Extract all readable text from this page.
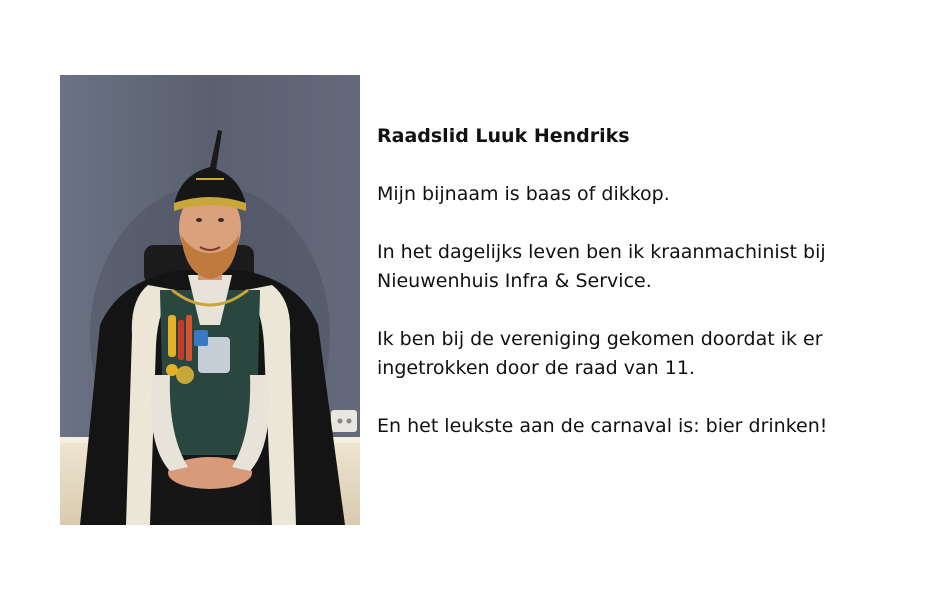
Raadslid Luuk Hendriks

Mijn bijnaam is baas of dikkop.

In het dagelijks leven ben ik kraanmachinist bij Nieuwenhuis Infra & Service.

Ik ben bij de vereniging gekomen doordat ik er ingetrokken door de raad van 11.

En het leukste aan de carnaval is: bier drinken!
